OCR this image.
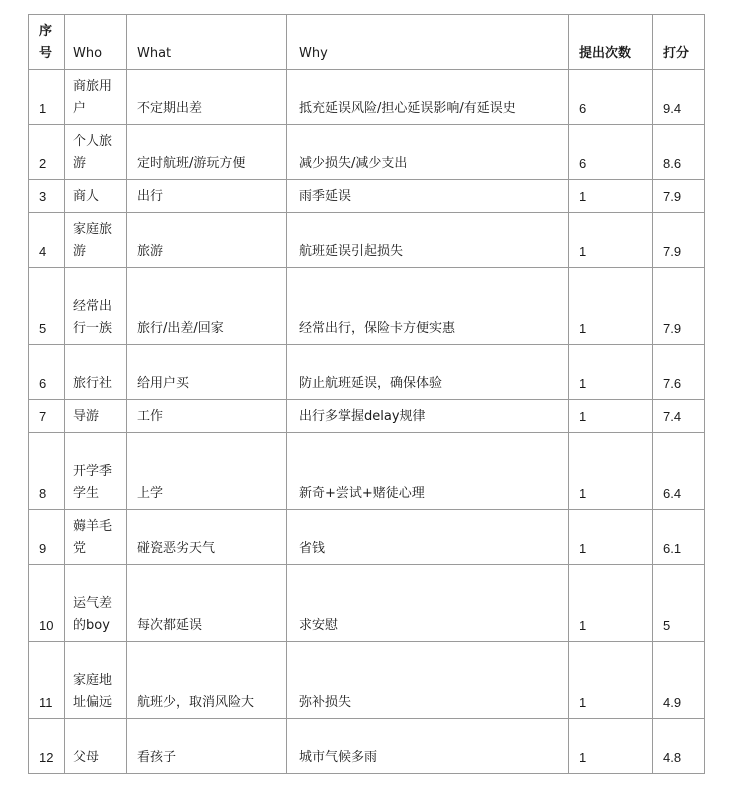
序号	Who	What	Why	提出次数	打分
1	商旅用户	不定期出差	抵充延误风险/担心延误影响/有延误史	6	9.4
2	个人旅游	定时航班/游玩方便	减少损失/减少支出	6	8.6
3	商人	出行	雨季延误	1	7.9
4	家庭旅游	旅游	航班延误引起损失	1	7.9
5	经常出行一族	旅行/出差/回家	经常出行，保险卡方便实惠	1	7.9
6	旅行社	给用户买	防止航班延误，确保体验	1	7.6
7	导游	工作	出行多掌握delay规律	1	7.4
8	开学季学生	上学	新奇+尝试+赌徒心理	1	6.4
9	薅羊毛党	碰瓷恶劣天气	省钱	1	6.1
10	运气差的boy	每次都延误	求安慰	1	5
11	家庭地址偏远	航班少，取消风险大	弥补损失	1	4.9
12	父母	看孩子	城市气候多雨	1	4.8
